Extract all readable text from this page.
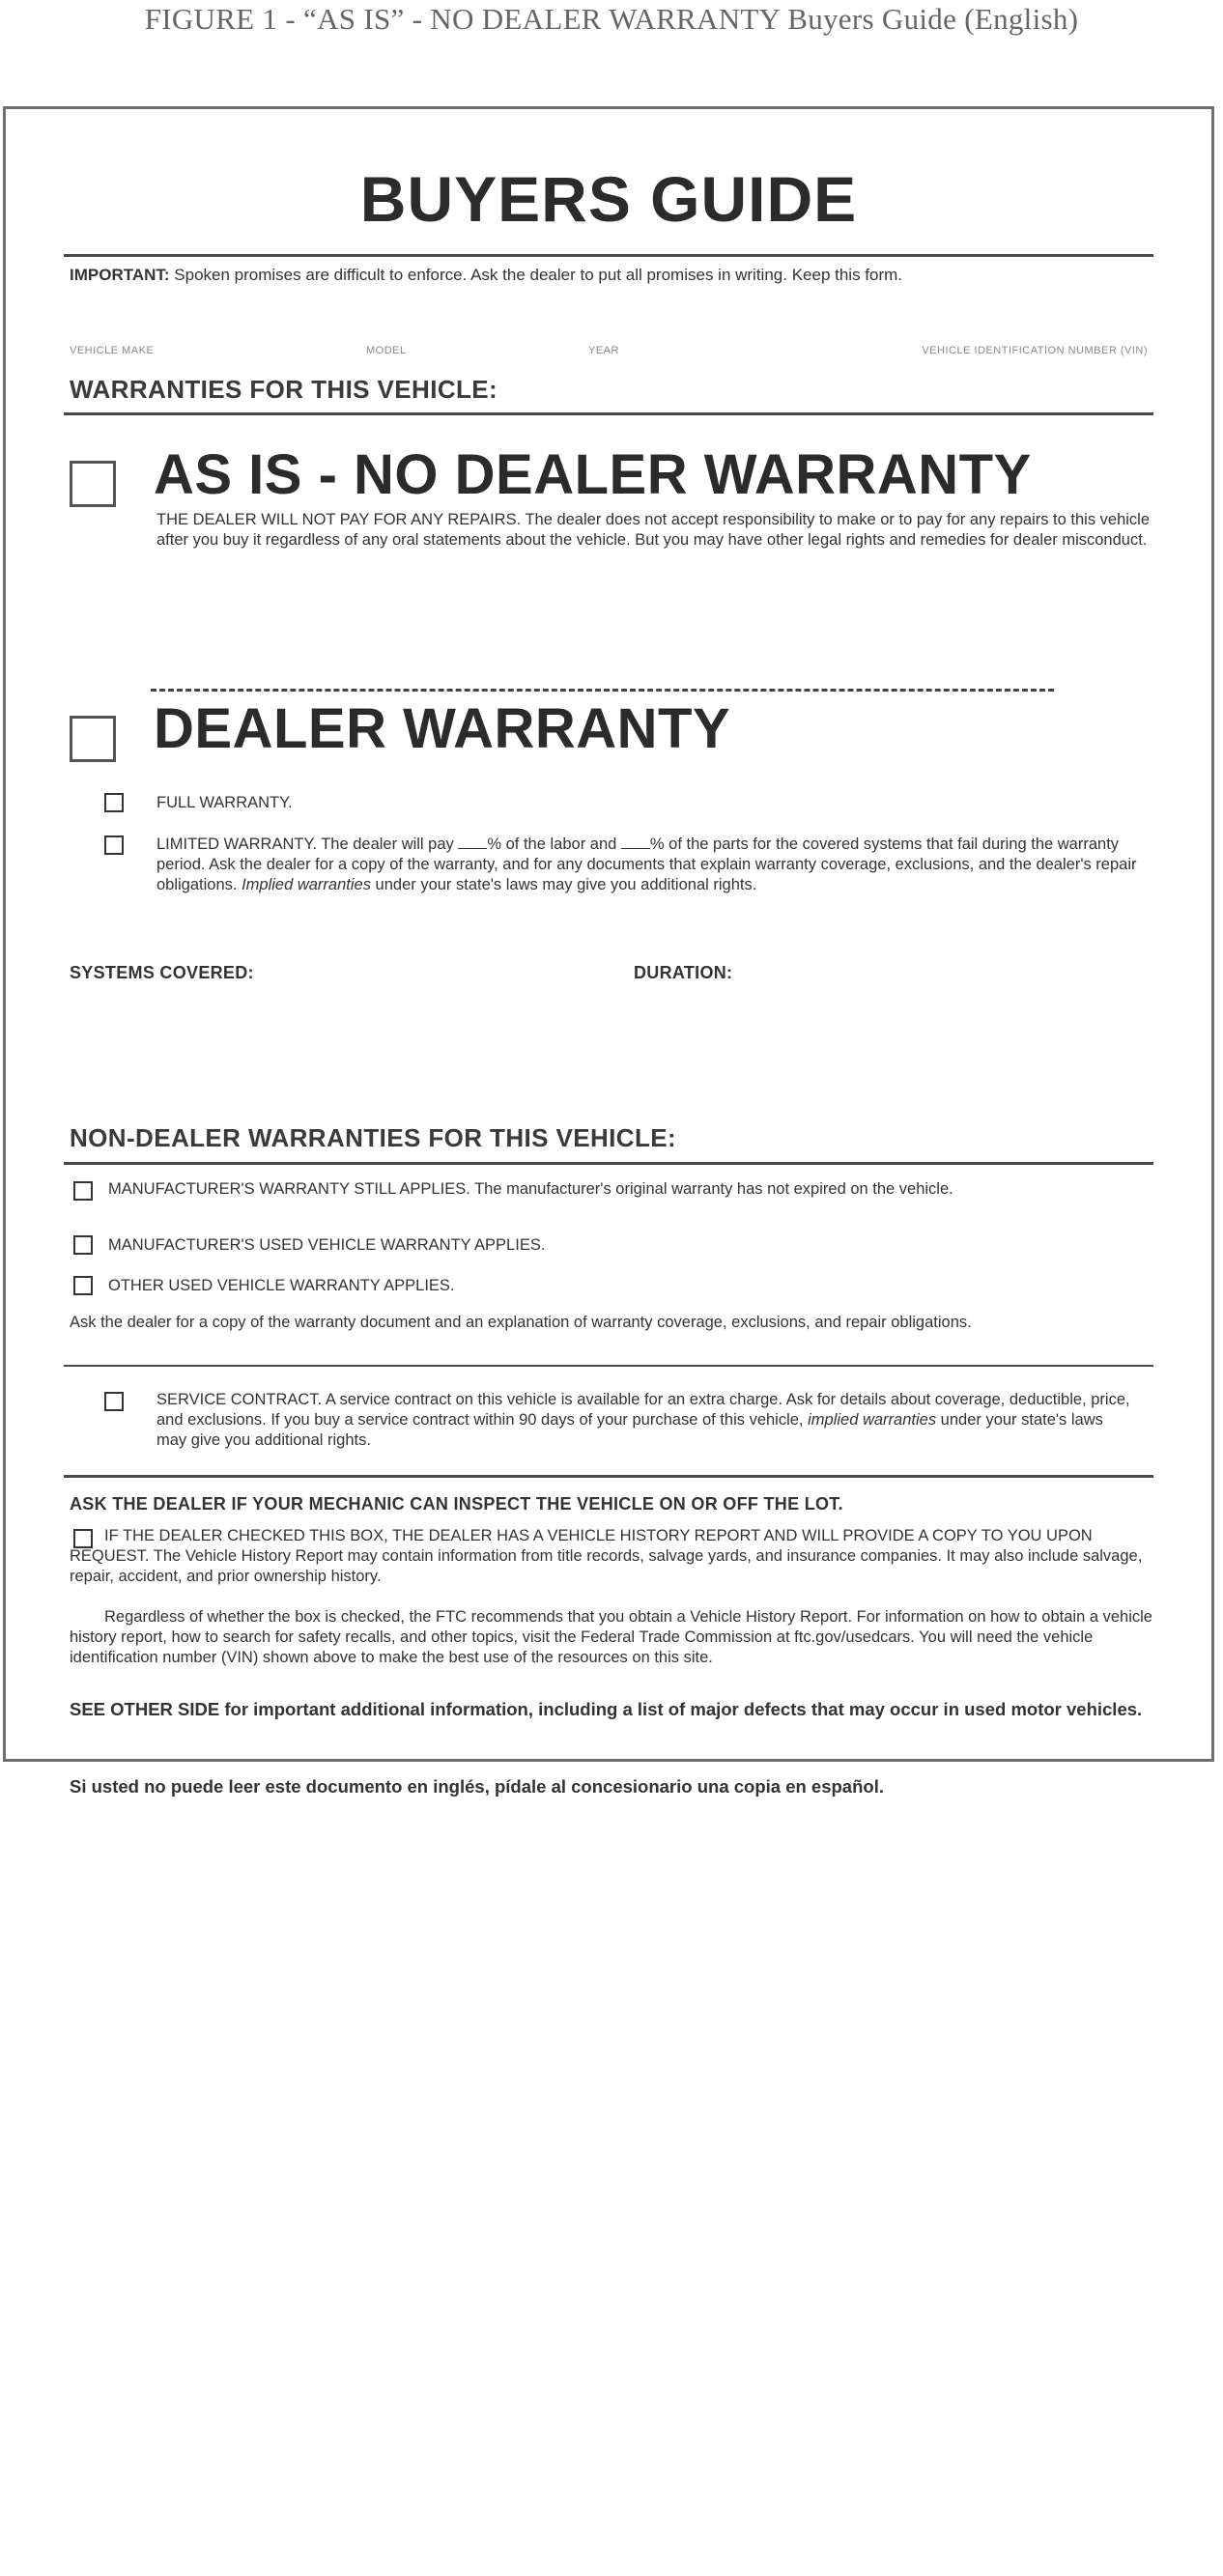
FIGURE 1 - “AS IS” - NO DEALER WARRANTY Buyers Guide (English)
BUYERS GUIDE
IMPORTANT: Spoken promises are difficult to enforce. Ask the dealer to put all promises in writing. Keep this form.
VEHICLE MAKE	MODEL	YEAR	VEHICLE IDENTIFICATION NUMBER (VIN)
WARRANTIES FOR THIS VEHICLE:
AS IS - NO DEALER WARRANTY
THE DEALER WILL NOT PAY FOR ANY REPAIRS. The dealer does not accept responsibility to make or to pay for any repairs to this vehicle after you buy it regardless of any oral statements about the vehicle. But you may have other legal rights and remedies for dealer misconduct.
DEALER WARRANTY
FULL WARRANTY.
LIMITED WARRANTY. The dealer will pay % of the labor and % of the parts for the covered systems that fail during the warranty period. Ask the dealer for a copy of the warranty, and for any documents that explain warranty coverage, exclusions, and the dealer's repair obligations. Implied warranties under your state's laws may give you additional rights.
SYSTEMS COVERED:	DURATION:
NON-DEALER WARRANTIES FOR THIS VEHICLE:
MANUFACTURER'S WARRANTY STILL APPLIES. The manufacturer's original warranty has not expired on the vehicle.
MANUFACTURER'S USED VEHICLE WARRANTY APPLIES.
OTHER USED VEHICLE WARRANTY APPLIES.
Ask the dealer for a copy of the warranty document and an explanation of warranty coverage, exclusions, and repair obligations.
SERVICE CONTRACT. A service contract on this vehicle is available for an extra charge. Ask for details about coverage, deductible, price, and exclusions. If you buy a service contract within 90 days of your purchase of this vehicle, implied warranties under your state's laws may give you additional rights.
ASK THE DEALER IF YOUR MECHANIC CAN INSPECT THE VEHICLE ON OR OFF THE LOT.
IF THE DEALER CHECKED THIS BOX, THE DEALER HAS A VEHICLE HISTORY REPORT AND WILL PROVIDE A COPY TO YOU UPON REQUEST. The Vehicle History Report may contain information from title records, salvage yards, and insurance companies. It may also include salvage, repair, accident, and prior ownership history.
Regardless of whether the box is checked, the FTC recommends that you obtain a Vehicle History Report. For information on how to obtain a vehicle history report, how to search for safety recalls, and other topics, visit the Federal Trade Commission at ftc.gov/usedcars. You will need the vehicle identification number (VIN) shown above to make the best use of the resources on this site.
SEE OTHER SIDE for important additional information, including a list of major defects that may occur in used motor vehicles.
Si usted no puede leer este documento en inglés, pídale al concesionario una copia en español.
